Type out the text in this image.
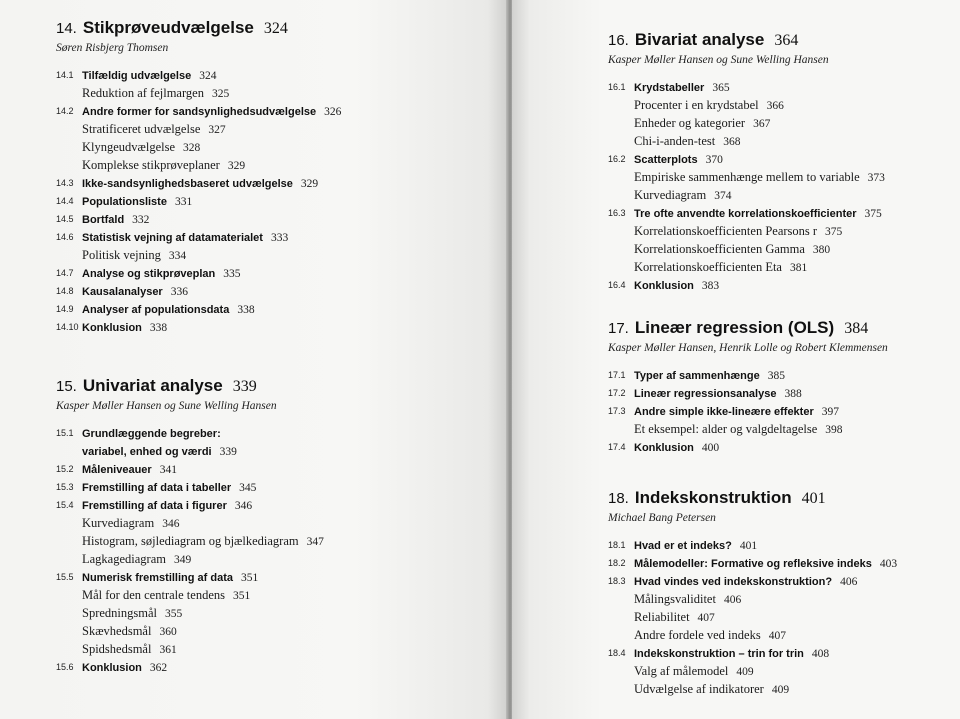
14. Stikprøveudvælgelse 324
Søren Risbjerg Thomsen
14.1 Tilfældig udvælgelse 324
Reduktion af fejlmargen 325
14.2 Andre former for sandsynlighedsudvælgelse 326
Stratificeret udvælgelse 327
Klyngeudvælgelse 328
Komplekse stikprøveplaner 329
14.3 Ikke-sandsynlighedsbaseret udvælgelse 329
14.4 Populationsliste 331
14.5 Bortfald 332
14.6 Statistisk vejning af datamaterialet 333
Politisk vejning 334
14.7 Analyse og stikprøveplan 335
14.8 Kausalanalyser 336
14.9 Analyser af populationsdata 338
14.10 Konklusion 338
15. Univariat analyse 339
Kasper Møller Hansen og Sune Welling Hansen
15.1 Grundlæggende begreber:
variabel, enhed og værdi 339
15.2 Måleniveauer 341
15.3 Fremstilling af data i tabeller 345
15.4 Fremstilling af data i figurer 346
Kurvediagram 346
Histogram, søjlediagram og bjælkediagram 347
Lagkagediagram 349
15.5 Numerisk fremstilling af data 351
Mål for den centrale tendens 351
Spredningsmål 355
Skævhedsmål 360
Spidshedsmål 361
15.6 Konklusion 362
16. Bivariat analyse 364
Kasper Møller Hansen og Sune Welling Hansen
16.1 Krydstabeller 365
Procenter i en krydstabel 366
Enheder og kategorier 367
Chi-i-anden-test 368
16.2 Scatterplots 370
Empiriske sammenhænge mellem to variable 373
Kurvediagram 374
16.3 Tre ofte anvendte korrelationskoefficienter 375
Korrelationskoefficienten Pearsons r 375
Korrelationskoefficienten Gamma 380
Korrelationskoefficienten Eta 381
16.4 Konklusion 383
17. Lineær regression (OLS) 384
Kasper Møller Hansen, Henrik Lolle og Robert Klemmensen
17.1 Typer af sammenhænge 385
17.2 Lineær regressionsanalyse 388
17.3 Andre simple ikke-lineære effekter 397
Et eksempel: alder og valgdeltagelse 398
17.4 Konklusion 400
18. Indekskonstruktion 401
Michael Bang Petersen
18.1 Hvad er et indeks? 401
18.2 Målemodeller: Formative og refleksive indeks 403
18.3 Hvad vindes ved indekskonstruktion? 406
Målingsvaliditet 406
Reliabilitet 407
Andre fordele ved indeks 407
18.4 Indekskonstruktion – trin for trin 408
Valg af målemodel 409
Udvælgelse af indikatorer 409
